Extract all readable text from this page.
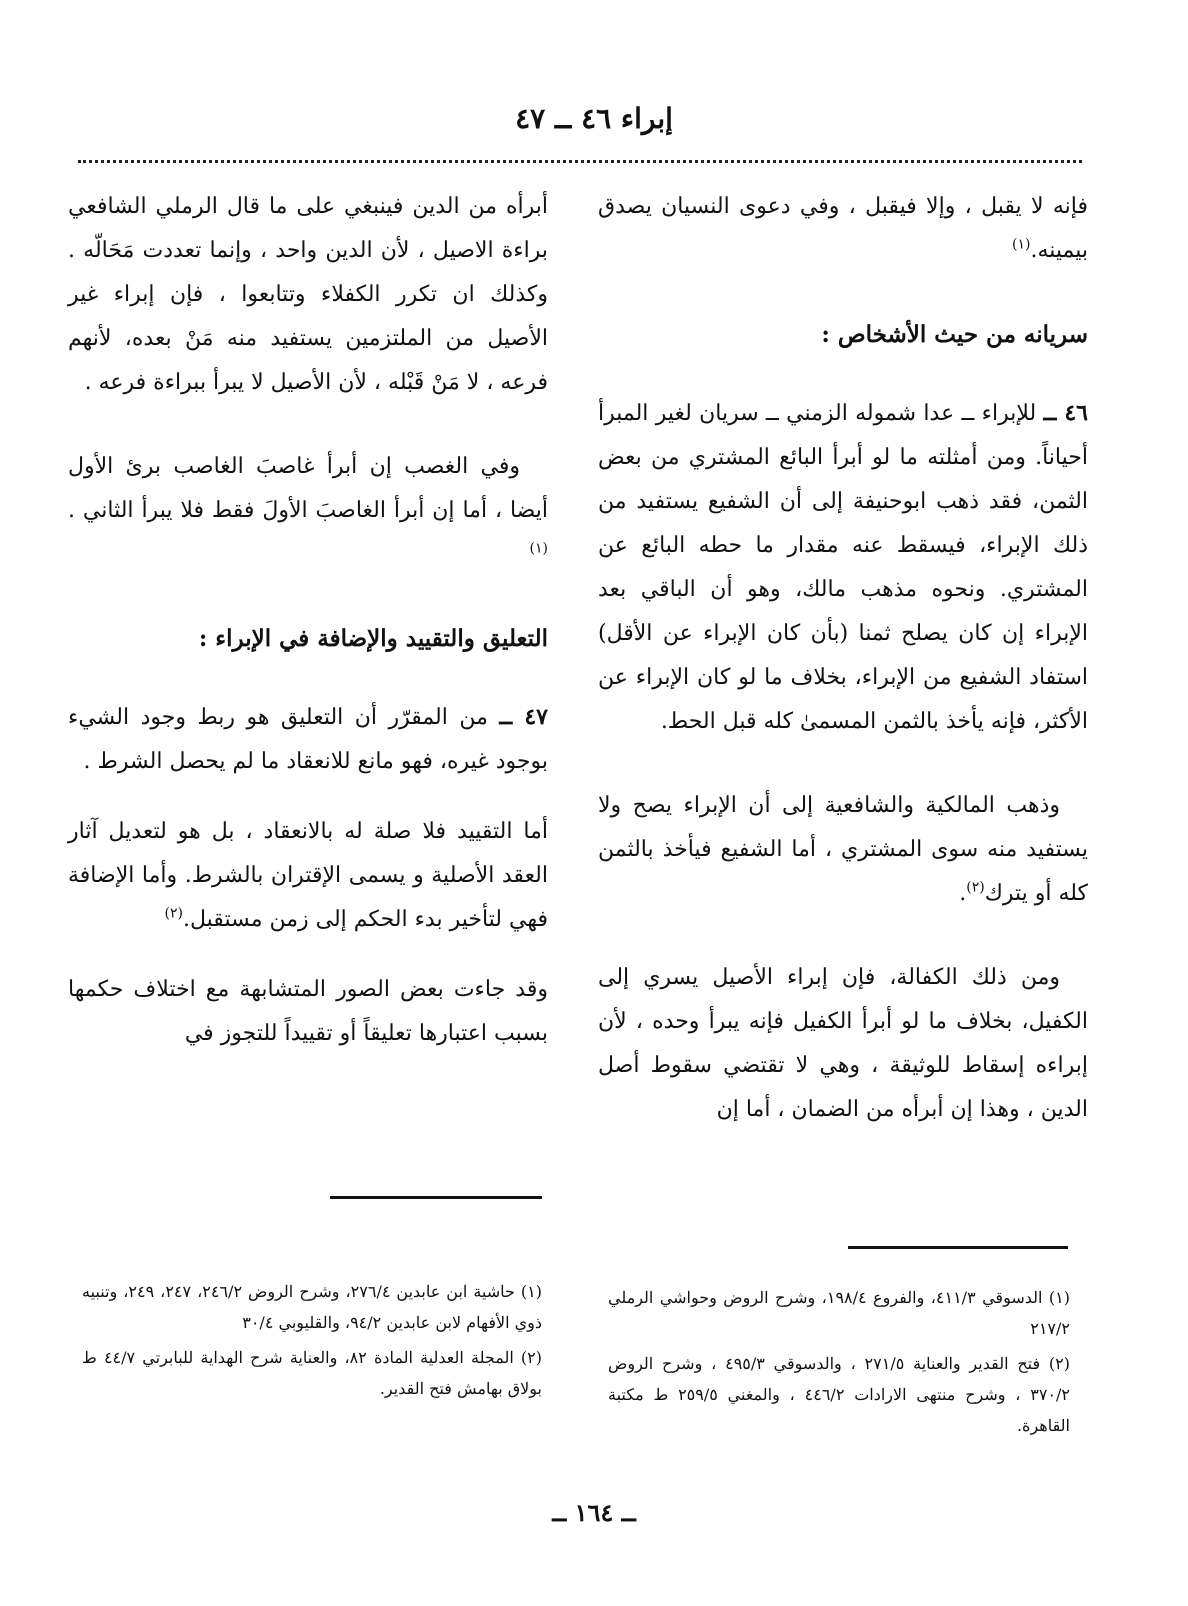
إبراء ٤٦ ــ ٤٧

فإنه لا يقبل ، وإلا فيقبل ، وفي دعوى النسيان يصدق بيمينه.$^{(١)}$

سريانه من حيث الأشخاص :

٤٦ ــ للإبراء ــ عدا شموله الزمني ــ سريان لغير المبرأ أحياناً. ومن أمثلته ما لو أبرأ البائع المشتري من بعض الثمن، فقد ذهب ابوحنيفة إلى أن الشفيع يستفيد من ذلك الإبراء، فيسقط عنه مقدار ما حطه البائع عن المشتري. ونحوه مذهب مالك، وهو أن الباقي بعد الإبراء إن كان يصلح ثمنا (بأن كان الإبراء عن الأقل) استفاد الشفيع من الإبراء، بخلاف ما لو كان الإبراء عن الأكثر، فإنه يأخذ بالثمن المسمىٰ كله قبل الحط.

وذهب المالكية والشافعية إلى أن الإبراء يصح ولا يستفيد منه سوى المشتري ، أما الشفيع فيأخذ بالثمن كله أو يترك$^{(٢)}$.

ومن ذلك الكفالة، فإن إبراء الأصيل يسري إلى الكفيل، بخلاف ما لو أبرأ الكفيل فإنه يبرأ وحده ، لأن إبراءه إسقاط للوثيقة ، وهي لا تقتضي سقوط أصل الدين ، وهذا إن أبرأه من الضمان ، أما إن

أبرأه من الدين فينبغي على ما قال الرملي الشافعي براءة الاصيل ، لأن الدين واحد ، وإنما تعددت مَحَالّه . وكذلك ان تكرر الكفلاء وتتابعوا ، فإن إبراء غير الأصيل من الملتزمين يستفيد منه مَنْ بعده، لأنهم فرعه ، لا مَنْ قَبْله ، لأن الأصيل لا يبرأ ببراءة فرعه .

وفي الغصب إن أبرأ غاصبَ الغاصب برئ الأول أيضا ، أما إن أبرأ الغاصبَ الأولَ فقط فلا يبرأ الثاني .$^{(١)}$

التعليق والتقييد والإضافة في الإبراء :

٤٧ ــ من المقرّر أن التعليق هو ربط وجود الشيء بوجود غيره، فهو مانع للانعقاد ما لم يحصل الشرط .

أما التقييد فلا صلة له بالانعقاد ، بل هو لتعديل آثار العقد الأصلية و يسمى الإقتران بالشرط. وأما الإضافة فهي لتأخير بدء الحكم إلى زمن مستقبل.$^{(٢)}$

وقد جاءت بعض الصور المتشابهة مع اختلاف حكمها بسبب اعتبارها تعليقاً أو تقييداً للتجوز في

(١) الدسوقي ٤١١/٣، والفروع ١٩٨/٤، وشرح الروض وحواشي الرملي ٢١٧/٢
(٢) فتح القدير والعناية ٢٧١/٥ ، والدسوقي ٤٩٥/٣ ، وشرح الروض ٣٧٠/٢ ، وشرح منتهى الارادات ٤٤٦/٢ ، والمغني ٢٥٩/٥ ط مكتبة القاهرة.
(١) حاشية ابن عابدين ٢٧٦/٤، وشرح الروض ٢٤٦/٢، ٢٤٧، ٢٤٩، وتنبيه ذوي الأفهام لابن عابدين ٩٤/٢، والقليوبي ٣٠/٤
(٢) المجلة العدلية المادة ٨٢، والعناية شرح الهداية للبابرتي ٤٤/٧ ط بولاق بهامش فتح القدير.
ــ ١٦٤ ــ
